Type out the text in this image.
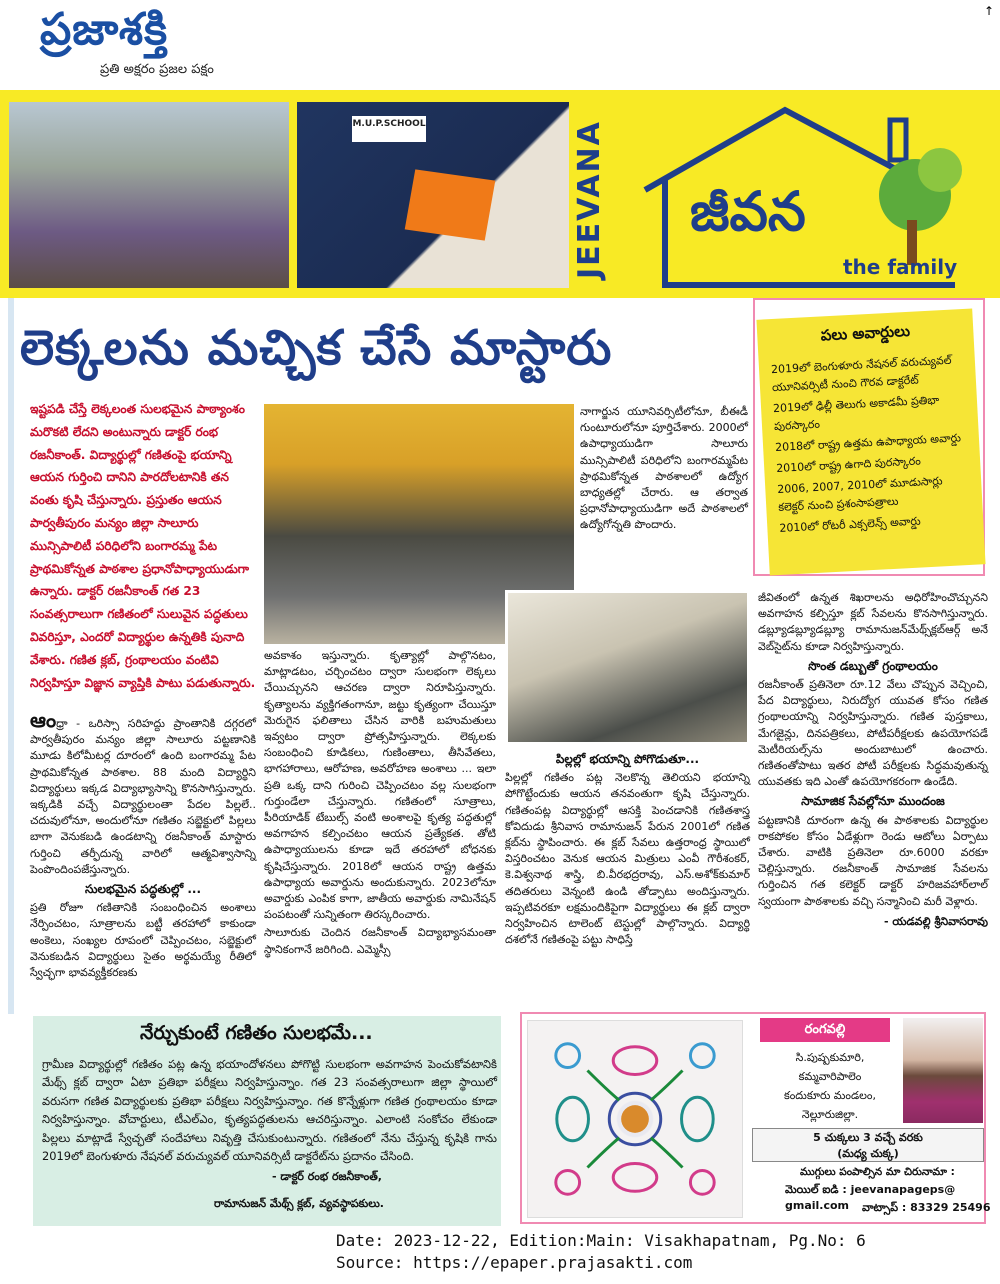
ప్రజాశక్తి
ప్రతి అక్షరం ప్రజల పక్షం
↑
M.U.P.SCHOOL	JEEVANA	జీవన
the family
లెక్కలను మచ్చిక చేసే మాస్టారు	పలు అవార్డులు
2019లో బెంగుళూరు నేషనల్ వరుచ్యువల్ యూనివర్సిటీ నుంచి గౌరవ డాక్టరేట్
2019లో ఢిల్లీ తెలుగు అకాడమీ ప్రతిభా పురస్కారం
2018లో రాష్ట్ర ఉత్తమ ఉపాధ్యాయ అవార్డు
2010లో రాష్ట్ర ఉగాది పురస్కారం
2006, 2007, 2010లో మూడుసార్లు కలెక్టర్ నుంచి ప్రశంసాపత్రాలు
2010లో రోటరీ ఎక్సలెన్స్ అవార్డు
ఇష్టపడి చేస్తే లెక్కలంత సులభమైన పాఠ్యాంశం మరొకటి లేదని అంటున్నారు డాక్టర్ రంభ రజనీకాంత్. విద్యార్థుల్లో గణితంపై భయాన్ని ఆయన గుర్తించి దానిని పారదోలటానికి తన వంతు కృషి చేస్తున్నారు. ప్రస్తుతం ఆయన పార్వతీపురం మన్యం జిల్లా సాలూరు మున్సిపాలిటీ పరిధిలోని బంగారమ్మ పేట ప్రాథమికోన్నత పాఠశాల ప్రధానోపాధ్యాయుడుగా ఉన్నారు. డాక్టర్ రజనీకాంత్ గత 23 సంవత్సరాలుగా గణితంలో సులువైన పద్ధతులు వివరిస్తూ, ఎందరో విద్యార్థుల ఉన్నతికి పునాది వేశారు. గణిత క్లబ్, గ్రంథాలయం వంటివి నిర్వహిస్తూ విజ్ఞాన వ్యాప్తికి పాటు పడుతున్నారు.

ఆంధ్రా - ఒరిస్సా సరిహద్దు ప్రాంతానికి దగ్గరలో పార్వతీపురం మన్యం జిల్లా సాలూరు పట్టణానికి మూడు కిలోమీటర్ల దూరంలో ఉంది బంగారమ్మ పేట ప్రాథమికోన్నత పాఠశాల. 88 మంది విద్యార్థిని విద్యార్థులు ఇక్కడ విద్యాభ్యాసాన్ని కొనసాగిస్తున్నారు. ఇక్కడికి వచ్చే విద్యార్థులంతా పేదల పిల్లలే.. చదువులోనూ, అందులోనూ గణితం సబ్జెక్టులో పిల్లలు బాగా వెనుకబడి ఉండటాన్ని రజనీకాంత్ మాస్టారు గుర్తించి తర్ఫీదున్న వారిలో ఆత్మవిశ్వాసాన్ని పెంపొందింపజేస్తున్నారు.

సులభమైన పద్ధతుల్లో ...

ప్రతి రోజూ గణితానికి సంబంధించిన అంశాలు నేర్పించటం, సూత్రాలను బట్టీ తరహాలో కాకుండా అంకెలు, సంఖ్యల రూపంలో చెప్పించటం, సబ్జెక్టులో వెనుకబడిన విద్యార్థులు సైతం అర్థమయ్యే రీతిలో స్వేచ్ఛగా భావవ్యక్తీకరణకు

అవకాశం ఇస్తున్నారు. కృత్యాల్లో పాల్గొనటం, మాట్లాడటం, చర్చించటం ద్వారా సులభంగా లెక్కలు చేయిచ్చునని ఆచరణ ద్వారా నిరూపిస్తున్నారు. కృత్యాలను వ్యక్తిగతంగానూ, జట్టు కృత్యంగా చేయిస్తూ మెరుగైన ఫలితాలు చేసిన వారికి బహుమతులు ఇవ్వటం ద్వారా ప్రోత్సహిస్తున్నారు. లెక్కలకు సంబంధించి కూడికలు, గుణింతాలు, తీసివేతలు, భాగహారాలు, ఆరోహణ, అవరోహణ అంశాలు ... ఇలా ప్రతి ఒక్క దాని గురించి చెప్పించటం వల్ల సులభంగా గుర్తుండేలా చేస్తున్నారు. గణితంలో సూత్రాలు, పీరియాడిక్ టేబుల్స్ వంటి అంశాలపై కృత్య పద్ధతుల్లో అవగాహన కల్పించటం ఆయన ప్రత్యేకత. తోటి ఉపాధ్యాయులను కూడా ఇదే తరహాలో బోధనకు కృషిచేస్తున్నారు. 2018లో ఆయన రాష్ట్ర ఉత్తమ ఉపాధ్యాయ అవార్డును అందుకున్నారు. 2023లోనూ అవార్డుకు ఎంపిక కాగా, జాతీయ అవార్డుకు నామినేషన్ పంపటంతో సున్నితంగా తిరస్కరించారు.

సాలూరుకు చెందిన రజనీకాంత్ విద్యాభ్యాసమంతా స్థానికంగానే జరిగింది. ఎమ్మెస్సీ

నాగార్జున యూనివర్సిటీలోనూ, బీఈడీ గుంటూరులోనూ పూర్తిచేశారు. 2000లో ఉపాధ్యాయుడిగా సాలూరు మున్సిపాలిటీ పరిధిలోని బంగారమ్మపేట ప్రాథమికోన్నత పాఠశాలలో ఉద్యోగ బాధ్యతల్లో చేరారు. ఆ తర్వాత ప్రధానోపాధ్యాయుడిగా అదే పాఠశాలలో ఉద్యోగోన్నతి పొందారు.

పిల్లల్లో భయాన్ని పోగొడుతూ...

పిల్లల్లో గణితం పట్ల నెలకొన్న తెలియని భయాన్ని పోగొట్టేందుకు ఆయన తనవంతుగా కృషి చేస్తున్నారు. గణితంపట్ల విద్యార్థుల్లో ఆసక్తి పెంచడానికి గణితశాస్త్ర కోవిదుడు శ్రీనివాస రామానుజన్ పేరున 2001లో గణిత క్లబ్‌ను స్థాపించారు. ఈ క్లబ్ సేవలు ఉత్తరాంధ్ర స్థాయిలో విస్తరించటం వెనుక ఆయన మిత్రులు ఎంవీ గౌరీశంకర్, కె.విశ్వనాథ శాస్త్రి, బి.వీరభద్రరావు, ఎస్.అశోక్‌కుమార్ తదితరులు వెన్నంటి ఉండి తోడ్పాటు అందిస్తున్నారు. ఇప్పటివరకూ లక్షమందికిపైగా విద్యార్థులు ఈ క్లబ్ ద్వారా నిర్వహించిన టాలెంట్ టెస్టుల్లో పాల్గొన్నారు. విద్యార్థి దశలోనే గణితంపై పట్టు సాధిస్తే

జీవితంలో ఉన్నత శిఖరాలను అధిరోహించొచ్చునని అవగాహన కల్పిస్తూ క్లబ్ సేవలను కొనసాగిస్తున్నారు. డబ్ల్యూడబ్ల్యూడబ్ల్యూ రామానుజన్‌మేథ్స్‌క్లబ్‌ఆర్గ్ అనే వెబ్‌సైట్‌ను కూడా నిర్వహిస్తున్నారు.

సొంత డబ్బుతో గ్రంథాలయం

రజనీకాంత్ ప్రతినెలా రూ.12 వేలు చొప్పున వెచ్చించి, పేద విద్యార్థులు, నిరుద్యోగ యువత కోసం గణిత గ్రంథాలయాన్ని నిర్వహిస్తున్నారు. గణిత పుస్తకాలు, మేగజైన్లు, దినపత్రికలు, పోటీపరీక్షలకు ఉపయోగపడే మెటీరియల్స్‌ను అందుబాటులో ఉంచారు. గణితంతోపాటు ఇతర పోటీ పరీక్షలకు సిద్ధమవుతున్న యువతకు ఇది ఎంతో ఉపయోగకరంగా ఉండేది.

సామాజిక సేవల్లోనూ ముందంజ

పట్టణానికి దూరంగా ఉన్న ఈ పాఠశాలకు విద్యార్థుల రాకపోకల కోసం ఏడేళ్లుగా రెండు ఆటోలు ఏర్పాటు చేశారు. వాటికి ప్రతినెలా రూ.6000 వరకూ చెల్లిస్తున్నారు. రజనీకాంత్ సామాజిక సేవలను గుర్తించిన గత కలెక్టర్ డాక్టర్ హరిజవహార్‌లాల్ స్వయంగా పాఠశాలకు వచ్చి సన్మానించి మరీ వెళ్లారు.

- యడవల్లి శ్రీనివాసరావు

నేర్చుకుంటే గణితం సులభమే...
గ్రామీణ విద్యార్థుల్లో గణితం పట్ల ఉన్న భయాందోళనలు పోగొట్టి సులభంగా అవగాహన పెంచుకోవటానికి మేథ్స్ క్లబ్ ద్వారా ఏటా ప్రతిభా పరీక్షలు నిర్వహిస్తున్నాం. గత 23 సంవత్సరాలుగా జిల్లా స్థాయిలో వరుసగా గణిత విద్యార్థులకు ప్రతిభా పరీక్షలు నిర్వహిస్తున్నాం. గత కొన్నేళ్లుగా గణిత గ్రంథాలయం కూడా నిర్వహిస్తున్నాం. వోచార్టులు, టీఎల్ఎం, కృత్యపద్ధతులను ఆచరిస్తున్నాం. ఎలాంటి సంకోచం లేకుండా పిల్లలు మాట్లాడే స్వేచ్ఛతో సందేహాలు నివృత్తి చేసుకుంటున్నారు. గణితంలో నేను చేస్తున్న కృషికి గాను 2019లో బెంగుళూరు నేషనల్ వరుచ్యువల్ యూనివర్సిటీ డాక్టరేట్‌ను ప్రదానం చేసింది.
- డాక్టర్ రంభ రజనీకాంత్,
రామానుజన్ మేథ్స్ క్లబ్, వ్యవస్థాపకులు.
రంగవల్లి
సి.పుష్పకుమారి,
కమ్మవారిపాలెం
కందుకూరు మండలం,
నెల్లూరుజిల్లా.
5 చుక్కలు 3 వచ్చే వరకు
(మధ్య చుక్క)
ముగ్గులు పంపాల్సిన మా చిరునామా :
మెయిల్ ఐడి : jeevanapageps@ gmail.com	వాట్సాప్ : 83329 25496
Date: 2023-12-22, Edition:Main: Visakhapatnam, Pg.No: 6
Source: https://epaper.prajasakti.com
